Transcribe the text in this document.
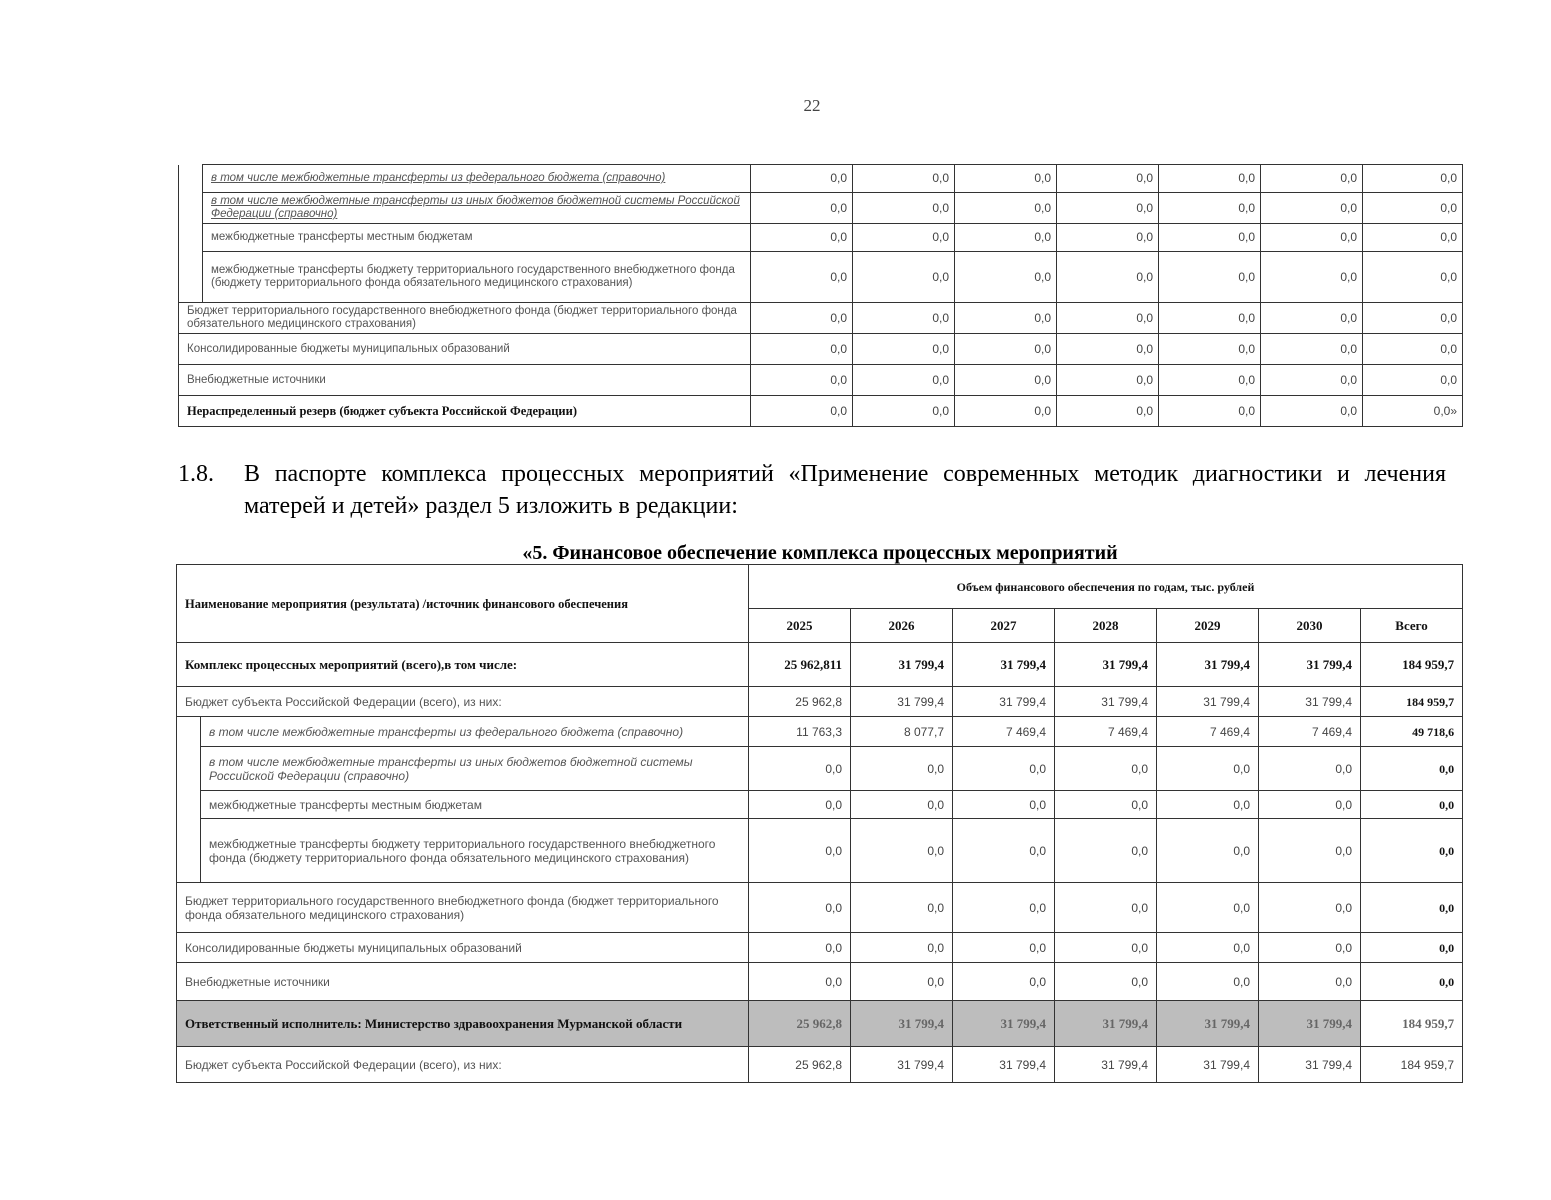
22
	в том числе межбюджетные трансферты из федерального бюджета (справочно)	0,0	0,0	0,0	0,0	0,0	0,0	0,0
	в том числе межбюджетные трансферты из иных бюджетов бюджетной системы Российской Федерации (справочно)	0,0	0,0	0,0	0,0	0,0	0,0	0,0
	межбюджетные трансферты местным бюджетам	0,0	0,0	0,0	0,0	0,0	0,0	0,0
	межбюджетные трансферты бюджету территориального государственного внебюджетного фонда (бюджету территориального фонда обязательного медицинского страхования)	0,0	0,0	0,0	0,0	0,0	0,0	0,0
Бюджет территориального государственного внебюджетного фонда (бюджет территориального фонда обязательного медицинского страхования)		0,0	0,0	0,0	0,0	0,0	0,0	0,0
Консолидированные бюджеты муниципальных образований		0,0	0,0	0,0	0,0	0,0	0,0	0,0
Внебюджетные источники		0,0	0,0	0,0	0,0	0,0	0,0	0,0
Нераспределенный резерв (бюджет субъекта Российской Федерации)		0,0	0,0	0,0	0,0	0,0	0,0	0,0»
1.8. В паспорте комплекса процессных мероприятий «Применение современных методик диагностики и лечения матерей и детей» раздел 5 изложить в редакции:
«5. Финансовое обеспечение комплекса процессных мероприятий
Наименование мероприятия (результата) /источник финансового обеспечения		Объем финансового обеспечения по годам, тыс. рублей						
		2025	2026	2027	2028	2029	2030	Всего
Комплекс процессных мероприятий (всего),в том числе:		25 962,811	31 799,4	31 799,4	31 799,4	31 799,4	31 799,4	184 959,7
Бюджет субъекта Российской Федерации (всего), из них:		25 962,8	31 799,4	31 799,4	31 799,4	31 799,4	31 799,4	184 959,7
	в том числе межбюджетные трансферты из федерального бюджета (справочно)	11 763,3	8 077,7	7 469,4	7 469,4	7 469,4	7 469,4	49 718,6
	в том числе межбюджетные трансферты из иных бюджетов бюджетной системы Российской Федерации (справочно)	0,0	0,0	0,0	0,0	0,0	0,0	0,0
	межбюджетные трансферты местным бюджетам	0,0	0,0	0,0	0,0	0,0	0,0	0,0
	межбюджетные трансферты бюджету территориального государственного внебюджетного фонда (бюджету территориального фонда обязательного медицинского страхования)	0,0	0,0	0,0	0,0	0,0	0,0	0,0
Бюджет территориального государственного внебюджетного фонда (бюджет территориального фонда обязательного медицинского страхования)		0,0	0,0	0,0	0,0	0,0	0,0	0,0
Консолидированные бюджеты муниципальных образований		0,0	0,0	0,0	0,0	0,0	0,0	0,0
Внебюджетные источники		0,0	0,0	0,0	0,0	0,0	0,0	0,0
Ответственный исполнитель: Министерство здравоохранения Мурманской области		25 962,8	31 799,4	31 799,4	31 799,4	31 799,4	31 799,4	184 959,7
Бюджет субъекта Российской Федерации (всего), из них:		25 962,8	31 799,4	31 799,4	31 799,4	31 799,4	31 799,4	184 959,7
